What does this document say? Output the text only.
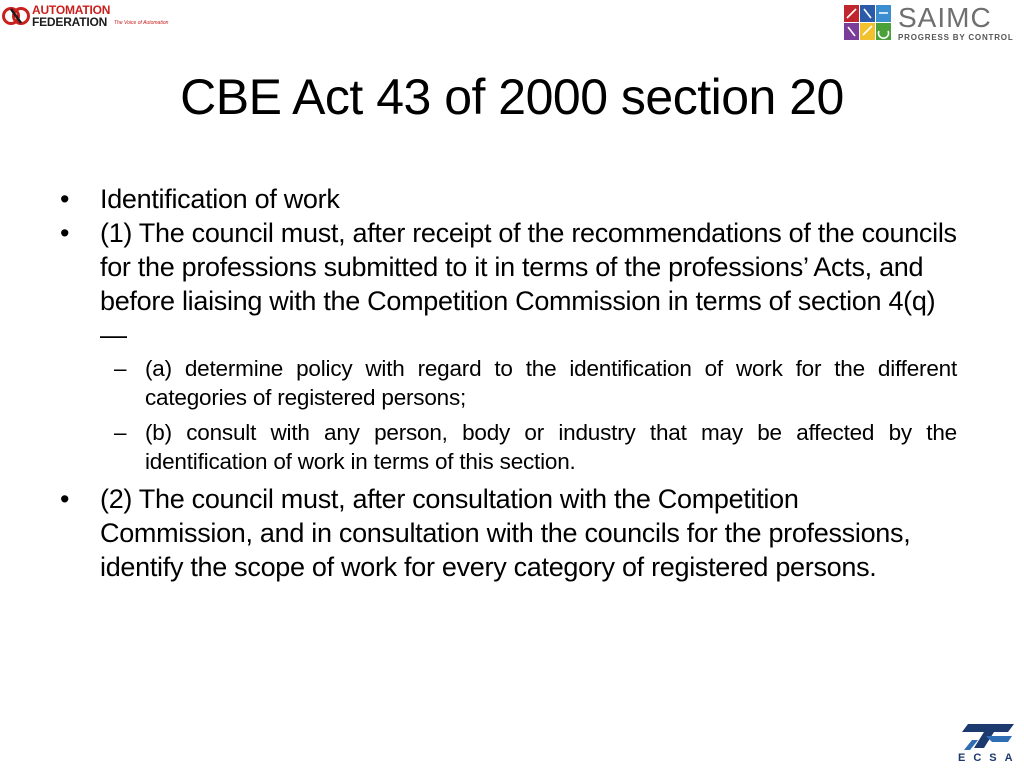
AUTOMATION
FEDERATION The Voice of Automation	SAIMC
PROGRESS BY CONTROL
CBE Act 43 of 2000 section 20
• Identification of work
• (1) The council must, after receipt of the recommendations of the councils for the professions submitted to it in terms of the professions’ Acts, and before liaising with the Competition Commission in terms of section 4(q)—
– (a) determine policy with regard to the identification of work for the different categories of registered persons;
– (b) consult with any person, body or industry that may be affected by the identification of work in terms of this section.
• (2) The council must, after consultation with the Competition Commission, and in consultation with the councils for the professions, identify the scope of work for every category of registered persons.
ECSA
